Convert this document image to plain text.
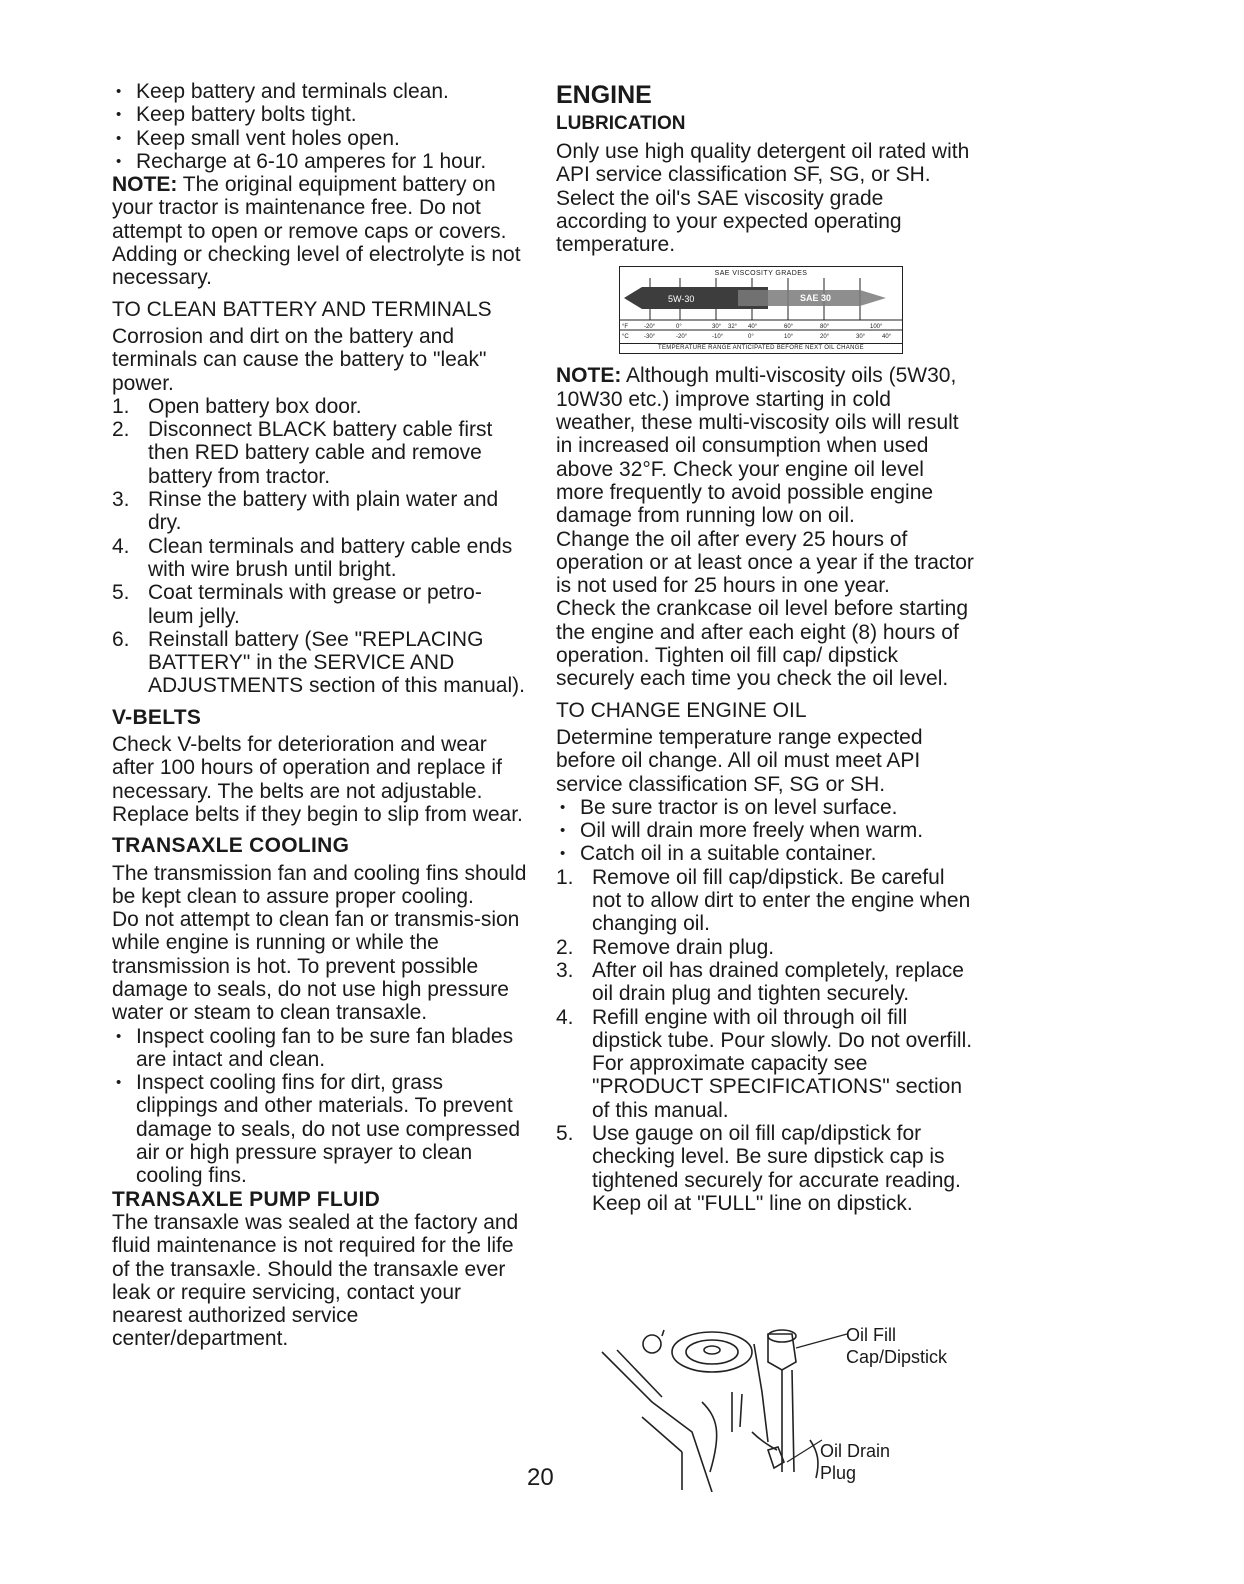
• Keep battery and terminals clean.

• Keep battery bolts tight.

• Keep small vent holes open.

• Recharge at 6-10 amperes for 1 hour.

NOTE: The original equipment battery on your tractor is maintenance free. Do not attempt to open or remove caps or covers. Adding or checking level of electrolyte is not necessary.

TO CLEAN BATTERY AND TERMINALS

Corrosion and dirt on the battery and terminals can cause the battery to "leak" power.

1. Open battery box door.

2. Disconnect BLACK battery cable first then RED battery cable and remove battery from tractor.

3. Rinse the battery with plain water and dry.

4. Clean terminals and battery cable ends with wire brush until bright.

5. Coat terminals with grease or petro-leum jelly.

6. Reinstall battery (See "REPLACING BATTERY" in the SERVICE AND ADJUSTMENTS section of this manual).

V-BELTS

Check V-belts for deterioration and wear after 100 hours of operation and replace if necessary. The belts are not adjustable. Replace belts if they begin to slip from wear.

TRANSAXLE COOLING

The transmission fan and cooling fins should be kept clean to assure proper cooling.

Do not attempt to clean fan or transmis-sion while engine is running or while the transmission is hot. To prevent possible damage to seals, do not use high pressure water or steam to clean transaxle.

• Inspect cooling fan to be sure fan blades are intact and clean.

• Inspect cooling fins for dirt, grass clippings and other materials. To prevent damage to seals, do not use compressed air or high pressure sprayer to clean cooling fins.

TRANSAXLE PUMP FLUID

The transaxle was sealed at the factory and fluid maintenance is not required for the life of the transaxle. Should the transaxle ever leak or require servicing, contact your nearest authorized service center/department.

ENGINE

LUBRICATION

Only use high quality detergent oil rated with API service classification SF, SG, or SH. Select the oil's SAE viscosity grade according to your expected operating temperature.

SAE VISCOSITY GRADES
5W-30	SAE 30
°F	-20°	0°	30° 32° 40°	60°	80°	100°
°C	-30°	-20°	-10°	0°	10°	20°	30°	40°
TEMPERATURE RANGE ANTICIPATED BEFORE NEXT OIL CHANGE

NOTE: Although multi-viscosity oils (5W30, 10W30 etc.) improve starting in cold weather, these multi-viscosity oils will result in increased oil consumption when used above 32°F. Check your engine oil level more frequently to avoid possible engine damage from running low on oil.

Change the oil after every 25 hours of operation or at least once a year if the tractor is not used for 25 hours in one year.

Check the crankcase oil level before starting the engine and after each eight (8) hours of operation. Tighten oil fill cap/ dipstick securely each time you check the oil level.

TO CHANGE ENGINE OIL

Determine temperature range expected before oil change. All oil must meet API service classification SF, SG or SH.

• Be sure tractor is on level surface.

• Oil will drain more freely when warm.

• Catch oil in a suitable container.

1. Remove oil fill cap/dipstick. Be careful not to allow dirt to enter the engine when changing oil.

2. Remove drain plug.

3. After oil has drained completely, replace oil drain plug and tighten securely.

4. Refill engine with oil through oil fill dipstick tube. Pour slowly. Do not overfill. For approximate capacity see "PRODUCT SPECIFICATIONS" section of this manual.

5. Use gauge on oil fill cap/dipstick for checking level. Be sure dipstick cap is tightened securely for accurate reading. Keep oil at "FULL" line on dipstick.

Oil Fill
Cap/Dipstick
Oil Drain
Plug
20
